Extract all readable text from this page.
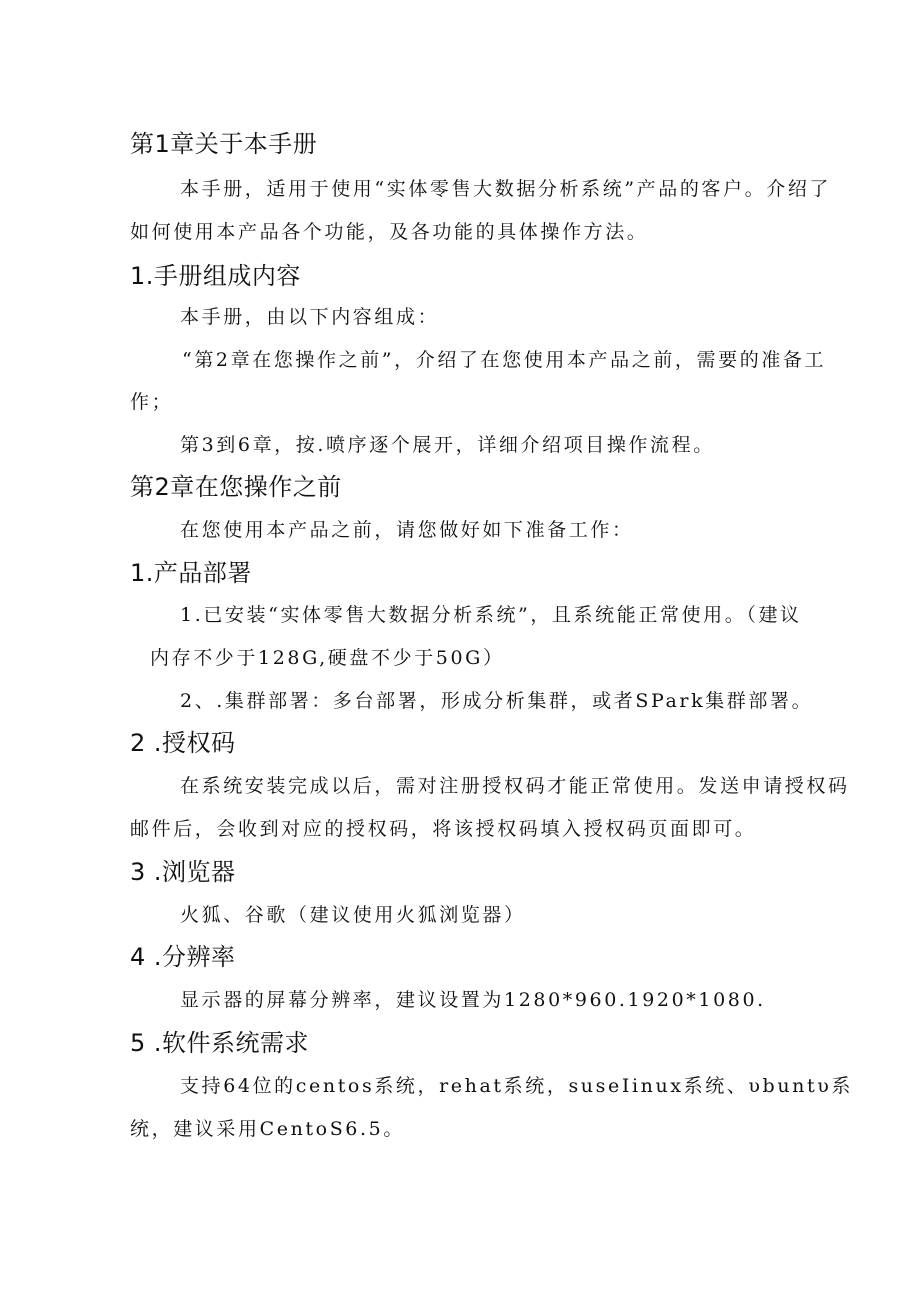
第1章关于本手册

本手册，适用于使用“实体零售大数据分析系统”产品的客户。介绍了

如何使用本产品各个功能，及各功能的具体操作方法。

1.手册组成内容

本手册，由以下内容组成：

“第2章在您操作之前”，介绍了在您使用本产品之前，需要的准备工

作；

第3到6章，按.喷序逐个展开，详细介绍项目操作流程。

第2章在您操作之前

在您使用本产品之前，请您做好如下准备工作：

1.产品部署

1.已安装“实体零售大数据分析系统”，且系统能正常使用。（建议

内存不少于128G,硬盘不少于50G）

2、.集群部署：多台部署，形成分析集群，或者SPark集群部署。

2 .授权码

在系统安装完成以后，需对注册授权码才能正常使用。发送申请授权码

邮件后，会收到对应的授权码，将该授权码填入授权码页面即可。

3 .浏览器

火狐、谷歌（建议使用火狐浏览器）

4 .分辨率

显示器的屏幕分辨率，建议设置为1280*960.1920*1080.

5 .软件系统需求

支持64位的centos系统，rehat系统，suseIinux系统、υbuntυ系

统，建议采用CentoS6.5。
